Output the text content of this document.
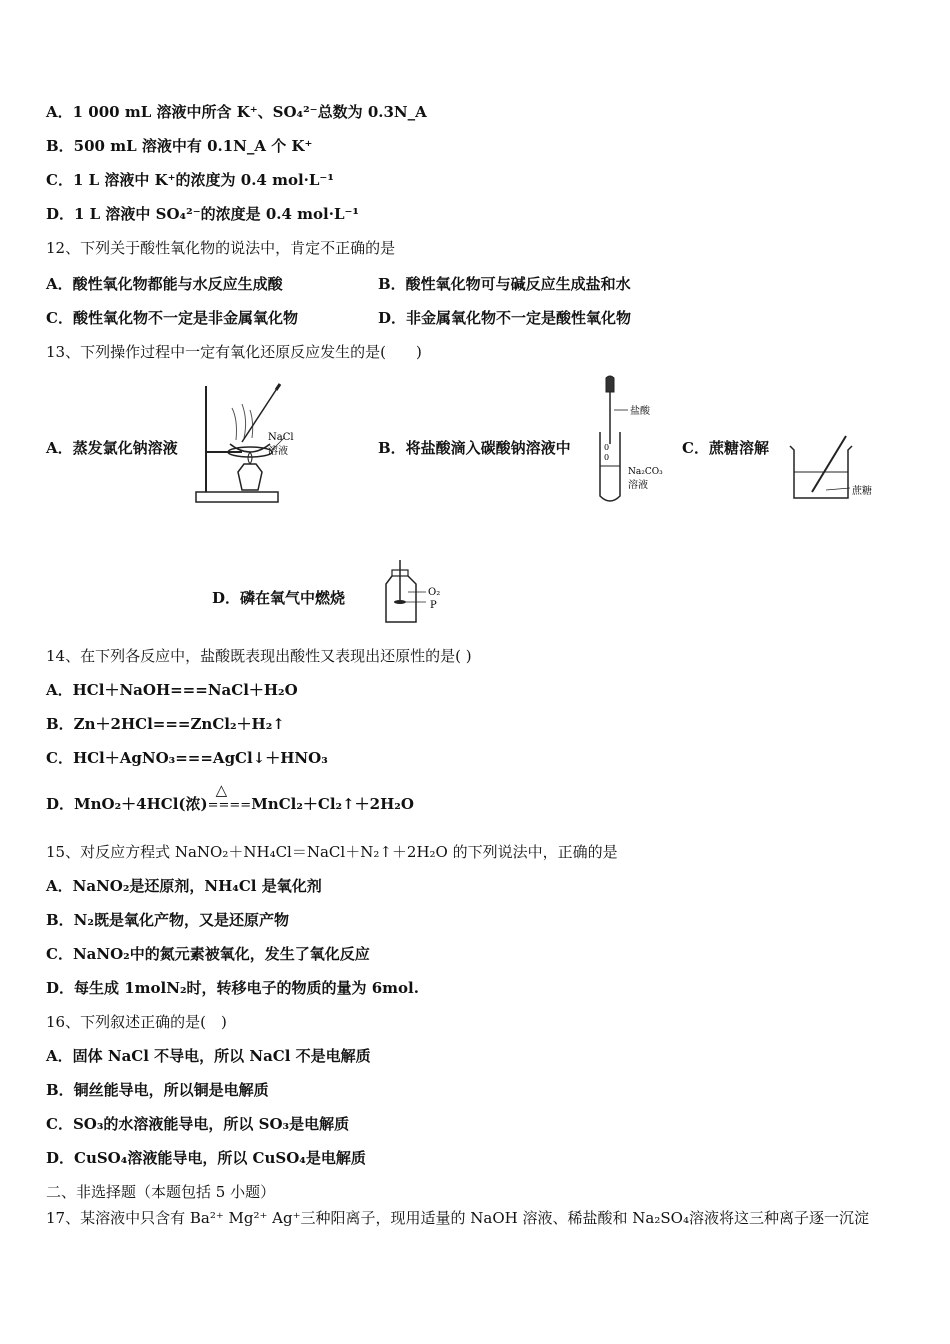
A．1 000 mL 溶液中所含 K⁺、SO₄²⁻总数为 0.3N_A
B．500 mL 溶液中有 0.1N_A 个 K⁺
C．1 L 溶液中 K⁺的浓度为 0.4 mol·L⁻¹
D．1 L 溶液中 SO₄²⁻的浓度是 0.4 mol·L⁻¹
12、下列关于酸性氧化物的说法中，肯定不正确的是
A．酸性氧化物都能与水反应生成酸	B．酸性氧化物可与碱反应生成盐和水
C．酸性氧化物不一定是非金属氧化物	D．非金属氧化物不一定是酸性氧化物
13、下列操作过程中一定有氧化还原反应发生的是(　　)
A．蒸发氯化钠溶液
NaCl
溶液	B．将盐酸滴入碳酸钠溶液中	0
0
盐酸
Na₂CO₃
溶液
C．蔗糖溶解
蔗糖
D．磷在氧气中燃烧	O₂
P
14、在下列各反应中，盐酸既表现出酸性又表现出还原性的是( )
A．HCl＋NaOH===NaCl＋H₂O
B．Zn＋2HCl===ZnCl₂＋H₂↑
C．HCl＋AgNO₃===AgCl↓＋HNO₃
D．MnO₂＋4HCl(浓)
△
====MnCl₂＋Cl₂↑＋2H₂O
15、对反应方程式 NaNO₂＋NH₄Cl＝NaCl＋N₂↑＋2H₂O 的下列说法中，正确的是
A．NaNO₂是还原剂，NH₄Cl 是氧化剂
B．N₂既是氧化产物，又是还原产物
C．NaNO₂中的氮元素被氧化，发生了氧化反应
D．每生成 1molN₂时，转移电子的物质的量为 6mol.
16、下列叙述正确的是(　)
A．固体 NaCl 不导电，所以 NaCl 不是电解质
B．铜丝能导电，所以铜是电解质
C．SO₃的水溶液能导电，所以 SO₃是电解质
D．CuSO₄溶液能导电，所以 CuSO₄是电解质
二、非选择题（本题包括 5 小题）
17、某溶液中只含有 Ba²⁺ Mg²⁺ Ag⁺三种阳离子，现用适量的 NaOH 溶液、稀盐酸和 Na₂SO₄溶液将这三种离子逐一沉淀
